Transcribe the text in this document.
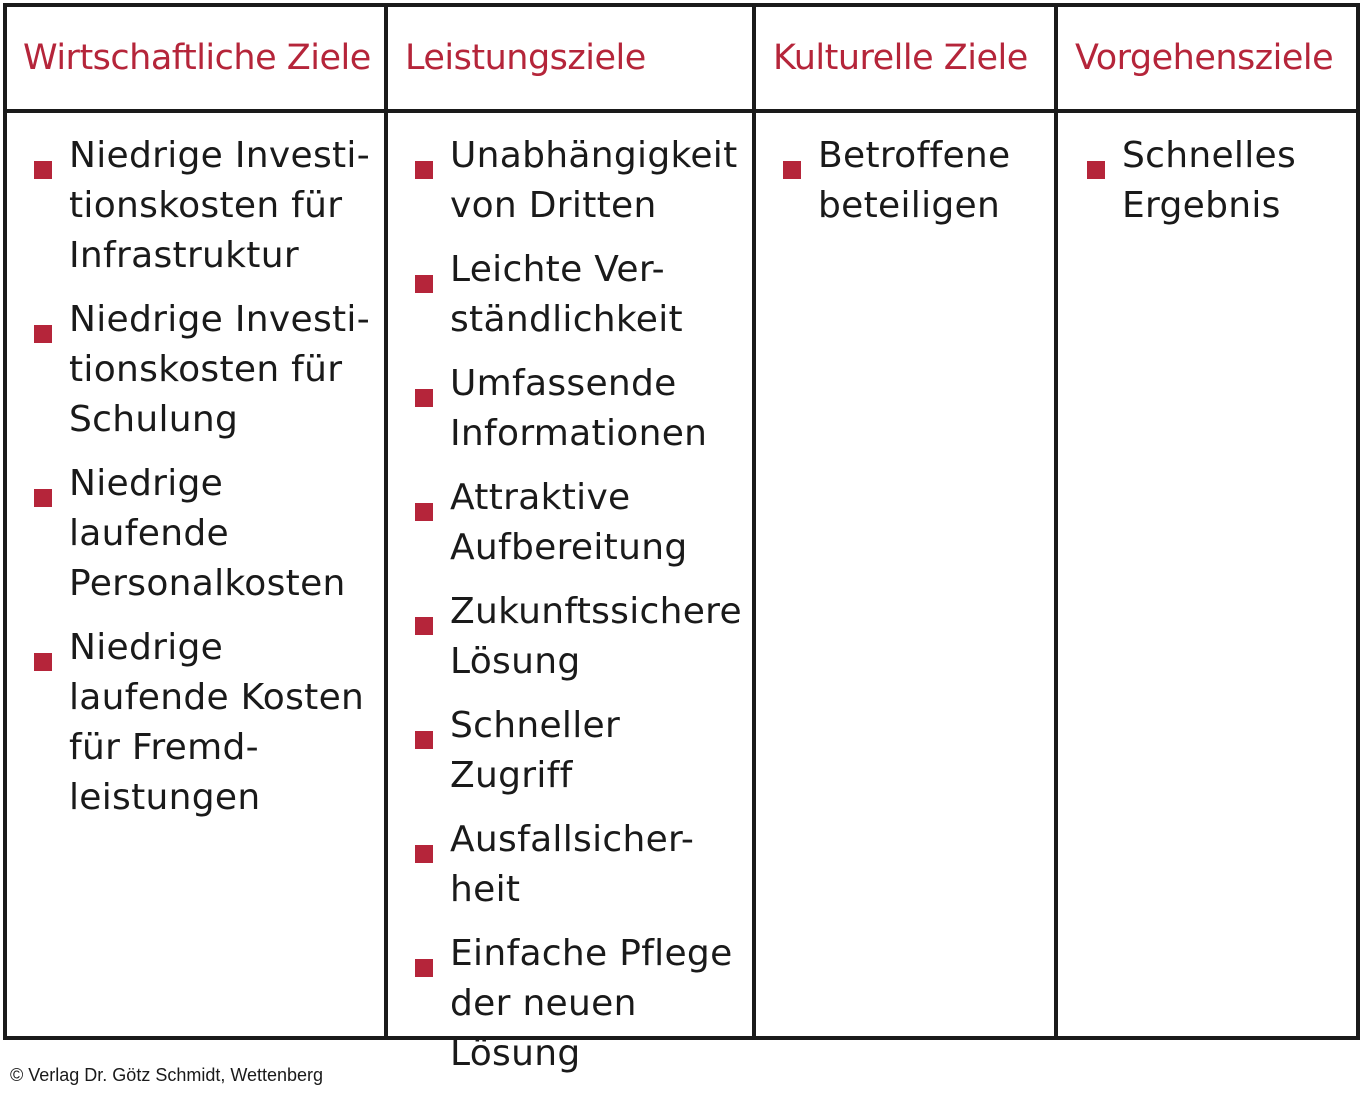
Wirtschaftliche Ziele
Niedrige Investi-
tionskosten für
Infrastruktur
Niedrige Investi-
tionskosten für
Schulung
Niedrige
laufende
Personalkosten
Niedrige
laufende Kosten
für Fremd-
leistungen
Leistungsziele
Unabhängigkeit
von Dritten
Leichte Ver-
ständlichkeit
Umfassende
Informationen
Attraktive
Aufbereitung
Zukunftssichere
Lösung
Schneller Zugriff
Ausfallsicher-
heit
Einfache Pflege
der neuen
Lösung
Kulturelle Ziele
Betroffene
beteiligen
Vorgehensziele
Schnelles
Ergebnis
© Verlag Dr. Götz Schmidt, Wettenberg
